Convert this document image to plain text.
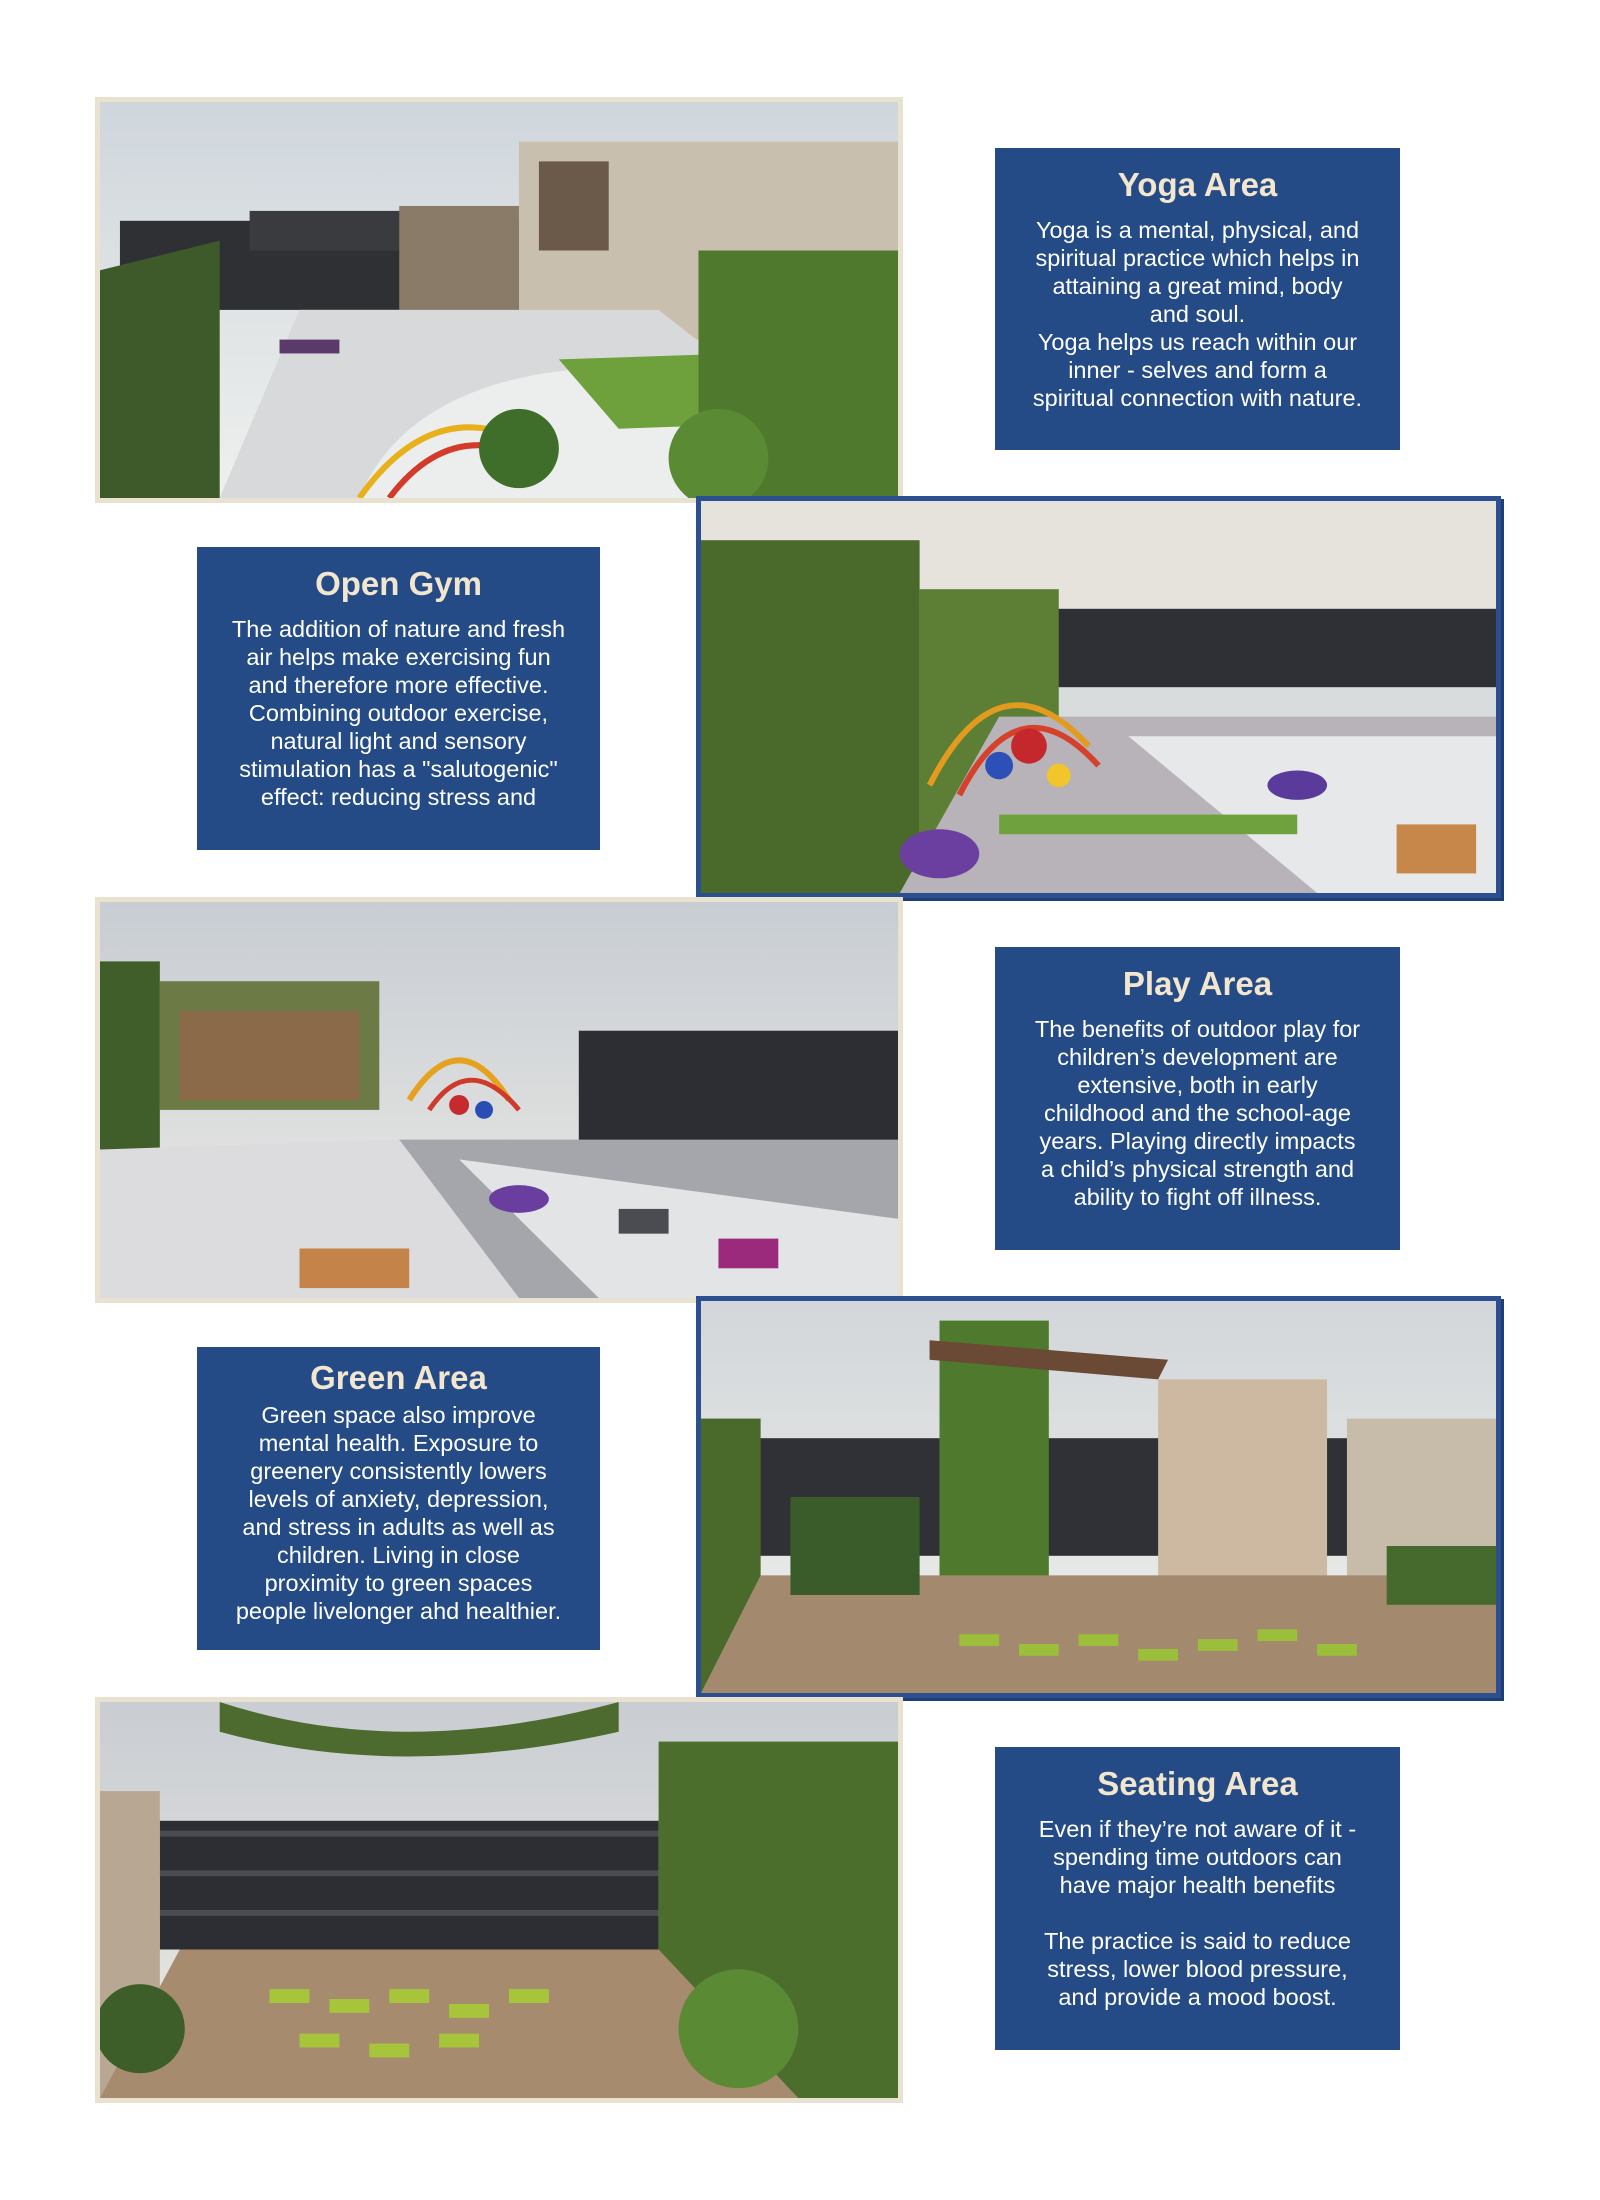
Yoga Area

Yoga is a mental, physical, and
spiritual practice which helps in
attaining a great mind, body
and soul.
Yoga helps us reach within our
inner - selves and form a
spiritual connection with nature.

Open Gym

The addition of nature and fresh
air helps make exercising fun
and therefore more effective.
Combining outdoor exercise,
natural light and sensory
stimulation has a "salutogenic"
effect: reducing stress and

Play Area

The benefits of outdoor play for
children’s development are
extensive, both in early
childhood and the school-age
years. Playing directly impacts
a child’s physical strength and
ability to fight off illness.

Green Area

Green space also improve
mental health. Exposure to
greenery consistently lowers
levels of anxiety, depression,
and stress in adults as well as
children. Living in close
proximity to green spaces
people livelonger ahd healthier.

Seating Area

Even if they’re not aware of it -
spending time outdoors can
have major health benefits

The practice is said to reduce
stress, lower blood pressure,
and provide a mood boost.
